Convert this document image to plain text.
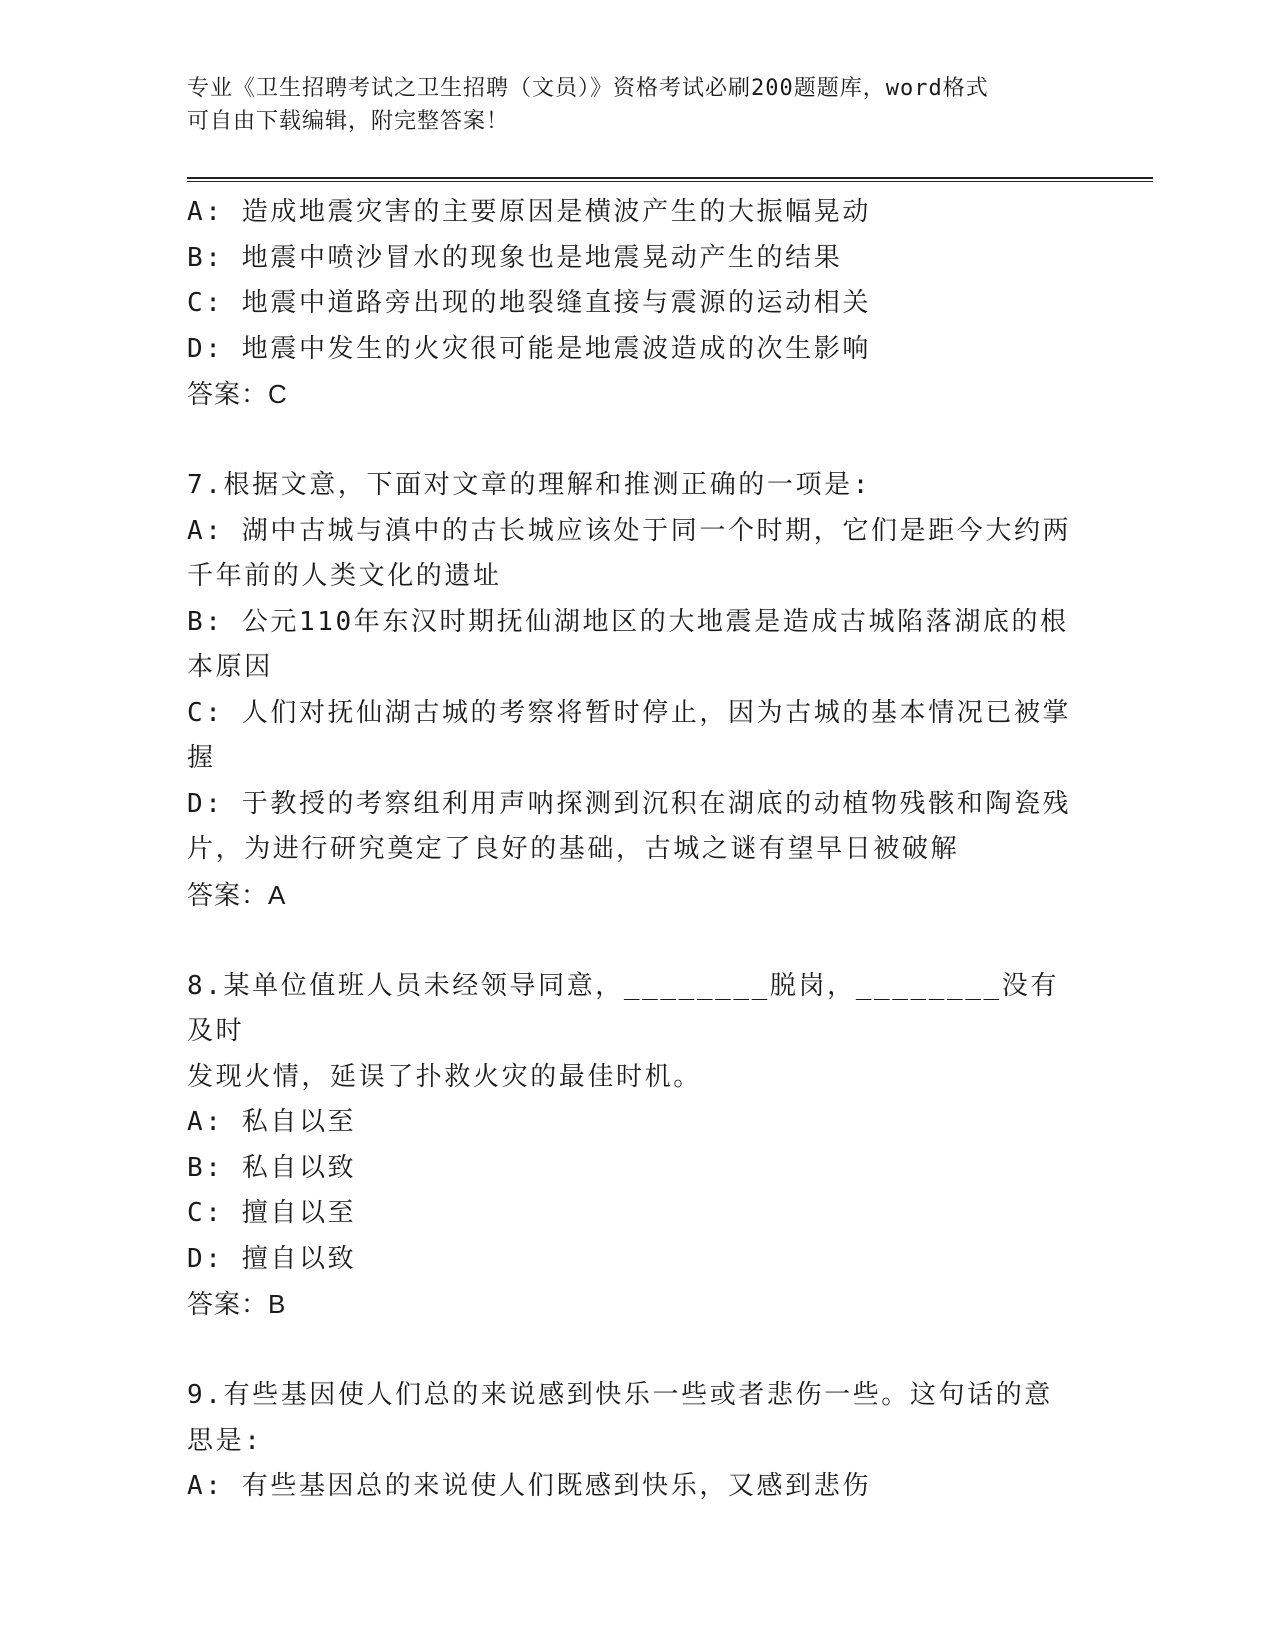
专业《卫生招聘考试之卫生招聘（文员）》资格考试必刷200题题库，word格式
可自由下载编辑，附完整答案！
A: 造成地震灾害的主要原因是横波产生的大振幅晃动
B: 地震中喷沙冒水的现象也是地震晃动产生的结果
C: 地震中道路旁出现的地裂缝直接与震源的运动相关
D: 地震中发生的火灾很可能是地震波造成的次生影响
答案：C
7.根据文意，下面对文章的理解和推测正确的一项是:
A: 湖中古城与滇中的古长城应该处于同一个时期，它们是距今大约两
千年前的人类文化的遗址
B: 公元110年东汉时期抚仙湖地区的大地震是造成古城陷落湖底的根
本原因
C: 人们对抚仙湖古城的考察将暂时停止，因为古城的基本情况已被掌
握
D: 于教授的考察组利用声呐探测到沉积在湖底的动植物残骸和陶瓷残
片，为进行研究奠定了良好的基础，古城之谜有望早日被破解
答案：A
8.某单位值班人员未经领导同意，________脱岗，________没有及时
发现火情，延误了扑救火灾的最佳时机。
A: 私自以至
B: 私自以致
C: 擅自以至
D: 擅自以致
答案：B
9.有些基因使人们总的来说感到快乐一些或者悲伤一些。这句话的意
思是:
A: 有些基因总的来说使人们既感到快乐，又感到悲伤
